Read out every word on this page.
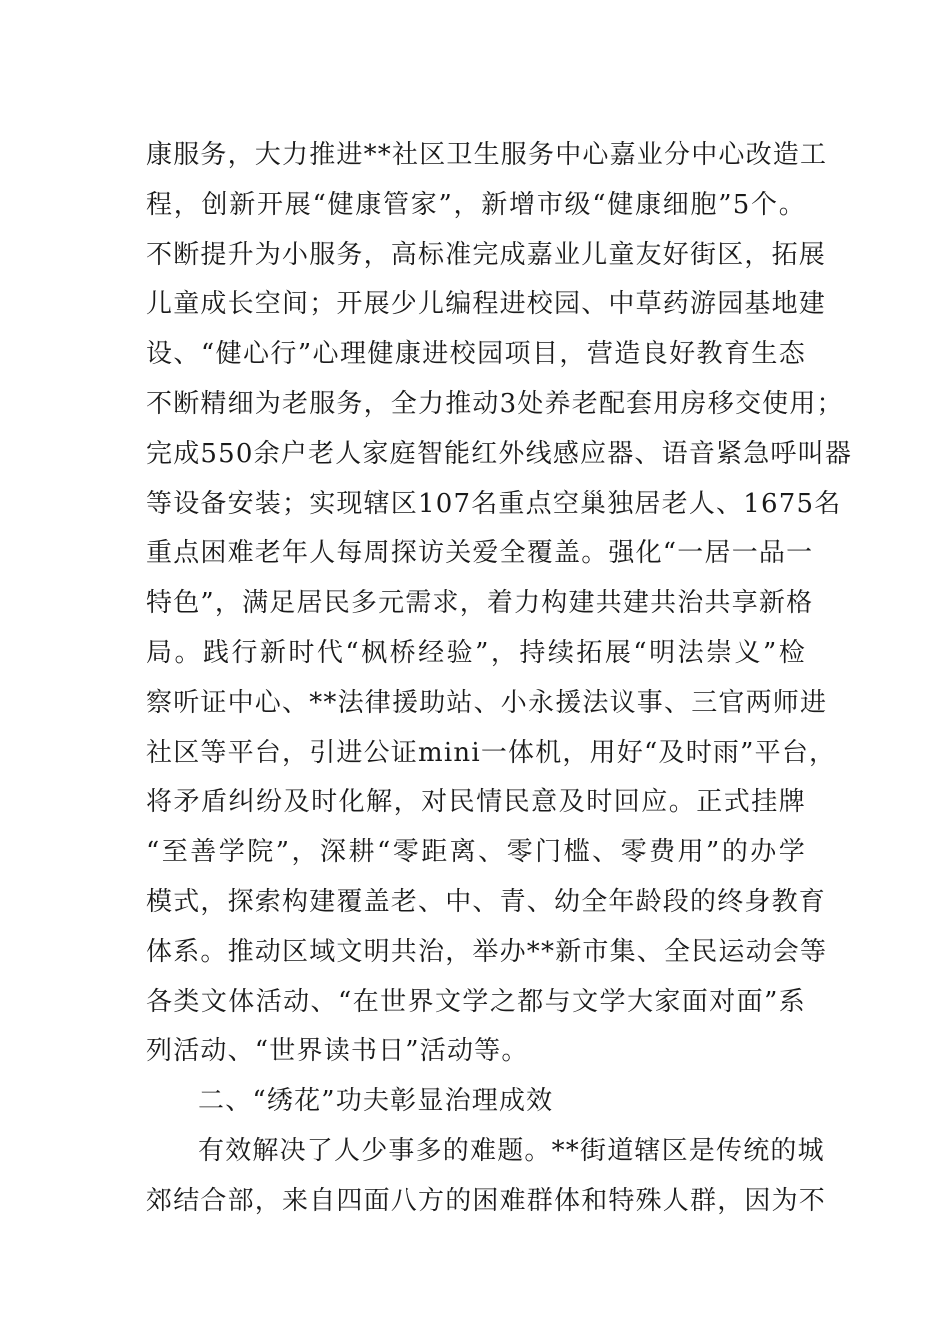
康服务，大力推进**社区卫生服务中心嘉业分中心改造工
程，创新开展“健康管家”，新增市级“健康细胞”5个。
不断提升为小服务，高标准完成嘉业儿童友好街区，拓展
儿童成长空间；开展少儿编程进校园、中草药游园基地建
设、“健心行”心理健康进校园项目，营造良好教育生态
不断精细为老服务，全力推动3处养老配套用房移交使用；
完成550余户老人家庭智能红外线感应器、语音紧急呼叫器
等设备安装；实现辖区107名重点空巢独居老人、1675名
重点困难老年人每周探访关爱全覆盖。强化“一居一品一
特色”，满足居民多元需求，着力构建共建共治共享新格
局。践行新时代“枫桥经验”，持续拓展“明法崇义”检
察听证中心、**法律援助站、小永援法议事、三官两师进
社区等平台，引进公证mini一体机，用好“及时雨”平台，
将矛盾纠纷及时化解，对民情民意及时回应。正式挂牌
“至善学院”，深耕“零距离、零门槛、零费用”的办学
模式，探索构建覆盖老、中、青、幼全年龄段的终身教育
体系。推动区域文明共治，举办**新市集、全民运动会等
各类文体活动、“在世界文学之都与文学大家面对面”系
列活动、“世界读书日”活动等。
二、“绣花”功夫彰显治理成效
有效解决了人少事多的难题。**街道辖区是传统的城
郊结合部，来自四面八方的困难群体和特殊人群，因为不
